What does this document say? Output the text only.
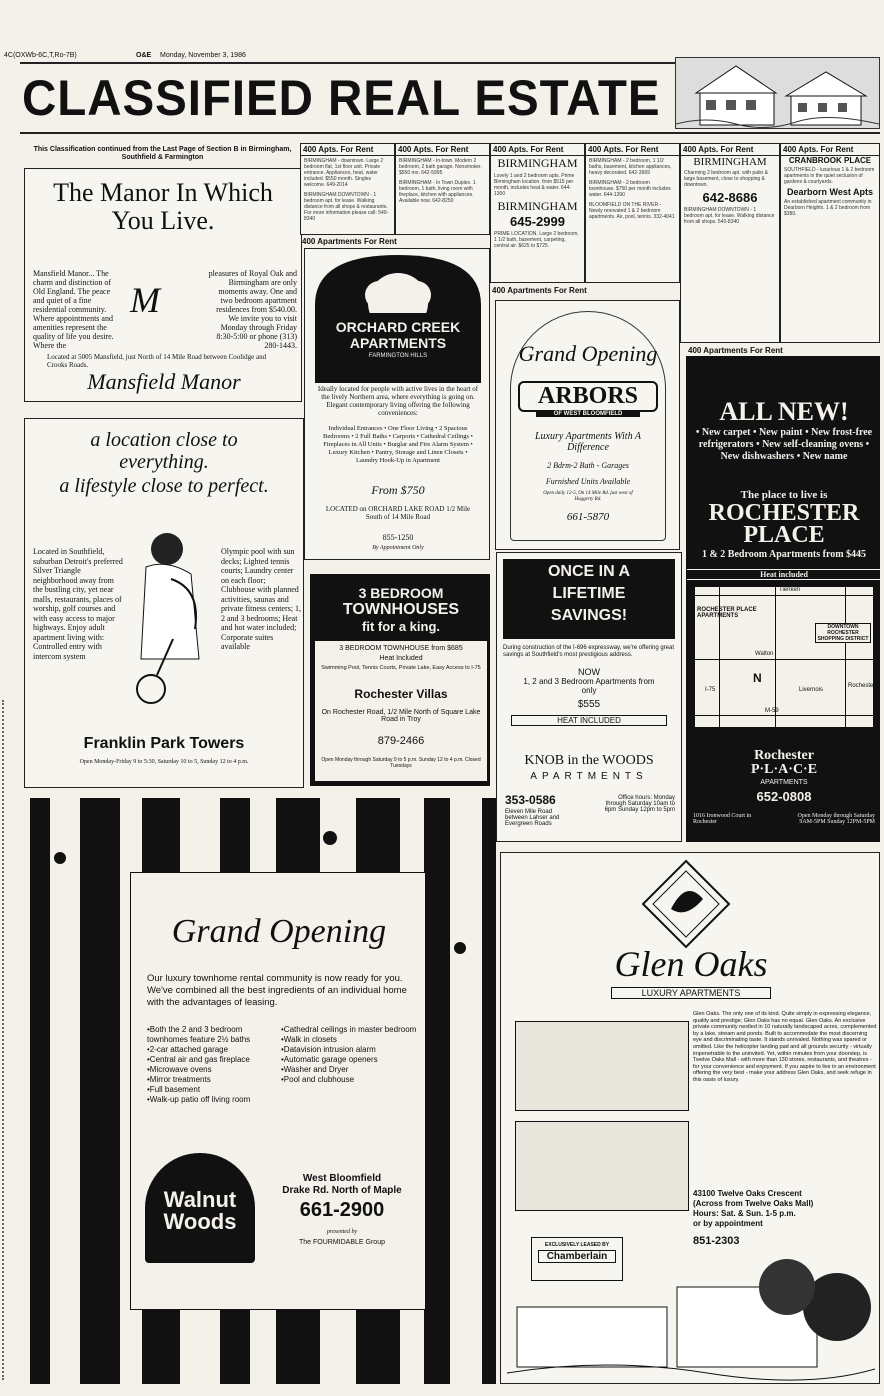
4C(OXWb-6C,T,Ro-7B)	O&E Monday, November 3, 1986
CLASSIFIED REAL ESTATE
This Classification continued from the Last Page of Section B in Birmingham, Southfield & Farmington
The Manor In Which You Live.
Mansfield Manor... The charm and distinction of Old England. The peace and quiet of a fine residential community. Where appointments and amenities represent the quality of life you desire. Where the
M
pleasures of Royal Oak and Birmingham are only moments away. One and two bedroom apartment residences from $540.00. We invite you to visit Monday through Friday 8:30-5:00 or phone (313) 280-1443.
Located at 5005 Mansfield, just North of 14 Mile Road between Coolidge and Crooks Roads.
Mansfield Manor
a location close to everything.
a lifestyle close to perfect.
Located in Southfield, suburban Detroit's preferred Silver Triangle neighborhood away from the bustling city, yet near malls, restaurants, places of worship, golf courses and with easy access to major highways. Enjoy adult apartment living with: Controlled entry with intercom system
Olympic pool with sun decks; Lighted tennis courts; Laundry center on each floor; Clubhouse with planned activities, saunas and private fitness centers; 1, 2 and 3 bedrooms; Heat and hot water included; Corporate suites available
Franklin Park Towers
Open Monday-Friday 9 to 5:30, Saturday 10 to 5, Sunday 12 to 4 p.m.
400 Apts. For Rent
BIRMINGHAM - downtown. Large 2 bedroom flat, 1st floor unit. Private entrance. Appliances, heat, water included. $550 month. Singles welcome. 649-2014
BIRMINGHAM DOWNTOWN - 1 bedroom apt. for lease. Walking distance from all shops & restaurants. For more information please call: 540-8340
400 Apts. For Rent
BIRMINGHAM - In-town. Modern 2 bedroom, 2 bath garage. Nonsmoker. $550 mo. 642-5995
BIRMINGHAM - In Town Duplex. 1 bedroom, 1 bath, living room with fireplace, kitchen with appliances. Available now. 642-8250
400 Apts. For Rent
BIRMINGHAM
Lovely 1 and 2 bedroom apts. Prime Birmingham location. from $515 per month, includes heat & water. 644-1300
BIRMINGHAM
645-2999
PRIME LOCATION. Large 2 bedroom, 1 1/2 bath, basement, carpeting, central air. $625 to $725.
400 Apts. For Rent
BIRMINGHAM - 2 bedroom, 1 1/2 baths, basement, kitchen appliances, heavy decorated. 642-3969
BIRMINGHAM - 2 bedroom townhouse. $750 per month includes water. 644-1390
BLOOMFIELD ON THE RIVER - Newly renovated 1 & 2 bedroom apartments. Air, pool, tennis. 332-4041
400 Apts. For Rent
BIRMINGHAM
Charming 2 bedroom apt. with patio & large basement, close to shopping & downtown.
642-8686
BIRMINGHAM DOWNTOWN - 1 bedroom apt. for lease. Walking distance from all shops. 540-8340
400 Apts. For Rent
CRANBROOK PLACE
SOUTHFIELD - luxurious 1 & 2 bedroom apartments in the quiet seclusion of gardens & courtyards.
Dearborn West Apts
An established apartment community in Dearborn Heights. 1 & 2 bedroom from $380.
400 Apartments For Rent
400 Apartments For Rent
400 Apartments For Rent
ORCHARD CREEK
APARTMENTS
FARMINGTON HILLS
Ideally located for people with active lives in the heart of the lively Northern area, where everything is going on. Elegant contemporary living offering the following conveniences:
Individual Entrances • One Floor Living • 2 Spacious Bedrooms • 2 Full Baths • Carports • Cathedral Ceilings • Fireplaces in All Units • Burglar and Fire Alarm System • Luxury Kitchen • Pantry, Storage and Linen Closets • Laundry Hook-Up in Apartment
From $750
LOCATED on ORCHARD LAKE ROAD 1/2 Mile South of 14 Mile Road
855-1250
By Appointment Only
Grand Opening
ARBORS
OF WEST BLOOMFIELD
Luxury Apartments With A Difference
2 Bdrm-2 Bath - Garages
Furnished Units Available
Open daily 12-5, On 14 Mile Rd. just west of Haggerty Rd.
661-5870
ALL NEW!
• New carpet • New paint • New frost-free refrigerators • New self-cleaning ovens • New dishwashers • New name
The place to live is
ROCHESTER
PLACE
1 & 2 Bedroom Apartments from $445
Heat included
Tienken
ROCHESTER PLACE APARTMENTS
Walton
M-59
I-75	Livernois
Rochester
DOWNTOWN ROCHESTER SHOPPING DISTRICT
N
Rochester
P·L·A·C·E
APARTMENTS
652-0808
1016 Ironwood Court in Rochester
Open Monday through Saturday 9AM-5PM Sunday 12PM-5PM
3 BEDROOM
TOWNHOUSES
fit for a king.
3 BEDROOM TOWNHOUSE from $685
Heat Included
Swimming Pool, Tennis Courts, Private Lake, Easy Access to I-75
Rochester Villas
On Rochester Road, 1/2 Mile North of Square Lake Road in Troy
879-2466
Open Monday through Saturday 9 to 5 p.m. Sunday 12 to 4 p.m. Closed Tuesdays
ONCE IN A
LIFETIME
SAVINGS!
During construction of the I-696 expressway, we're offering great savings at Southfield's most prestigious address.
NOW
1, 2 and 3 Bedroom Apartments from only
$555
HEAT INCLUDED
KNOB in the WOODS
APARTMENTS
353-0586
Eleven Mile Road between Lahser and Evergreen Roads
Office hours: Monday through Saturday 10am to 6pm Sunday 12pm to 5pm
Grand Opening
Our luxury townhome rental community is now ready for you. We've combined all the best ingredients of an individual home with the advantages of leasing.
•Both the 2 and 3 bedroom townhomes feature 2½ baths
•2-car attached garage
•Central air and gas fireplace
•Microwave ovens
•Mirror treatments
•Full basement
•Walk-up patio off living room
•Cathedral ceilings in master bedroom
•Walk in closets
•Datavision intrusion alarm
•Automatic garage openers
•Washer and Dryer
•Pool and clubhouse
Walnut
Woods
West Bloomfield
Drake Rd. North of Maple
661-2900
presented by
The FOURMIDABLE Group
Glen Oaks
LUXURY APARTMENTS
Glen Oaks. The only one of its kind. Quite simply in expressing elegance, quality and prestige; Glen Oaks has no equal. Glen Oaks. An exclusive private community nestled in 10 naturally landscaped acres, complemented by a lake, stream and ponds. Built to accommodate the most discerning eye and discriminating taste. It stands unrivaled. Nothing was spared or omitted. Like the helicopter landing pad and all grounds security - virtually impenetrable to the uninvited. Yet, within minutes from your doorstep, is Twelve Oaks Mall - with more than 130 stores, restaurants, and theatres - for your convenience and enjoyment. If you aspire to live in an environment offering the very best - make your address Glen Oaks, and seek refuge in this oasis of luxury.
43100 Twelve Oaks Crescent
(Across from Twelve Oaks Mall)
Hours: Sat. & Sun. 1-5 p.m.
or by appointment
851-2303
EXCLUSIVELY LEASED BY
Chamberlain
